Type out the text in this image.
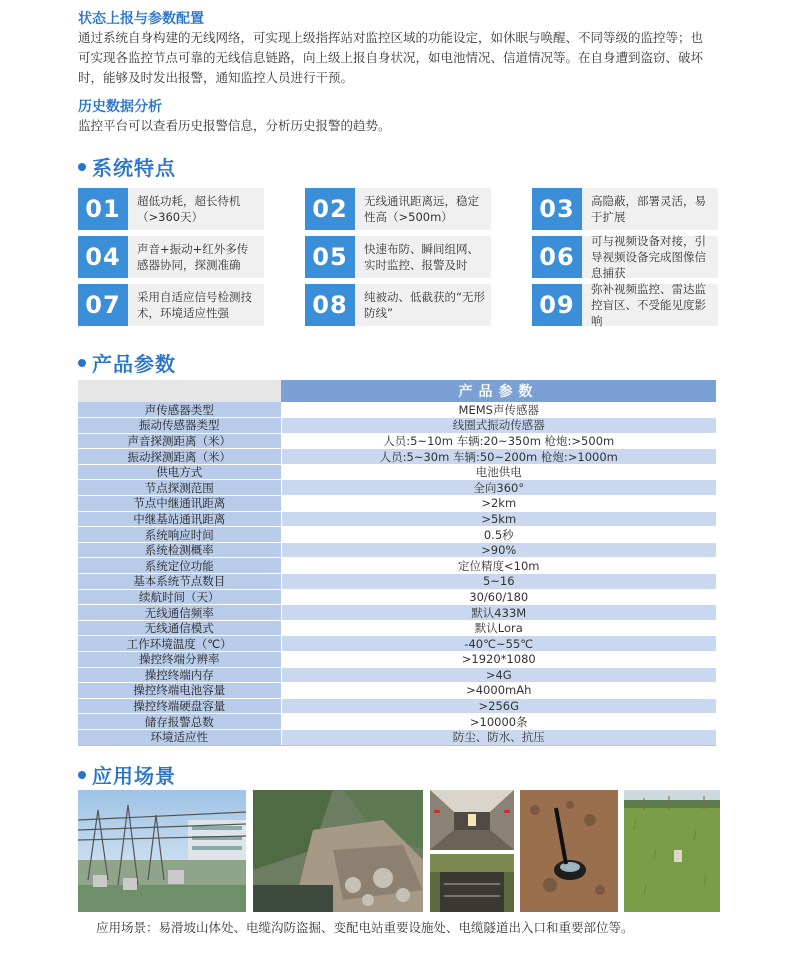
状态上报与参数配置
通过系统自身构建的无线网络，可实现上级指挥站对监控区域的功能设定，如休眠与唤醒、不同等级的监控等；也
可实现各监控节点可靠的无线信息链路，向上级上报自身状况，如电池情况、信道情况等。在自身遭到盗窃、破坏
时，能够及时发出报警，通知监控人员进行干预。
历史数据分析
监控平台可以查看历史报警信息，分析历史报警的趋势。
系统特点
01	超低功耗，超长待机（>360天）	02	无线通讯距离远，稳定性高（>500m）	03	高隐蔽，部署灵活，易于扩展
04	声音+振动+红外多传感器协同，探测准确	05	快速布防、瞬间组网、实时监控、报警及时	06
可与视频设备对接，引导视频设备完成图像信息捕获
07	采用自适应信号检测技术，环境适应性强	08	纯被动、低截获的“无形防线”	09
弥补视频监控、雷达监控盲区、不受能见度影响
产品参数
	产品参数
声传感器类型	MEMS声传感器
振动传感器类型	线圈式振动传感器
声音探测距离（米）	人员:5~10m 车辆:20~350m 枪炮:>500m
振动探测距离（米）	人员:5~30m 车辆:50~200m 枪炮:>1000m
供电方式	电池供电
节点探测范围	全向360°
节点中继通讯距离	>2km
中继基站通讯距离	>5km
系统响应时间	0.5秒
系统检测概率	>90%
系统定位功能	定位精度<10m
基本系统节点数目	5~16
续航时间（天）	30/60/180
无线通信频率	默认433M
无线通信模式	默认Lora
工作环境温度（℃）	-40℃~55℃
操控终端分辨率	>1920*1080
操控终端内存	>4G
操控终端电池容量	>4000mAh
操控终端硬盘容量	>256G
储存报警总数	>10000条
环境适应性	防尘、防水、抗压
应用场景
应用场景：易滑坡山体处、电缆沟防盗掘、变配电站重要设施处、电缆隧道出入口和重要部位等。
